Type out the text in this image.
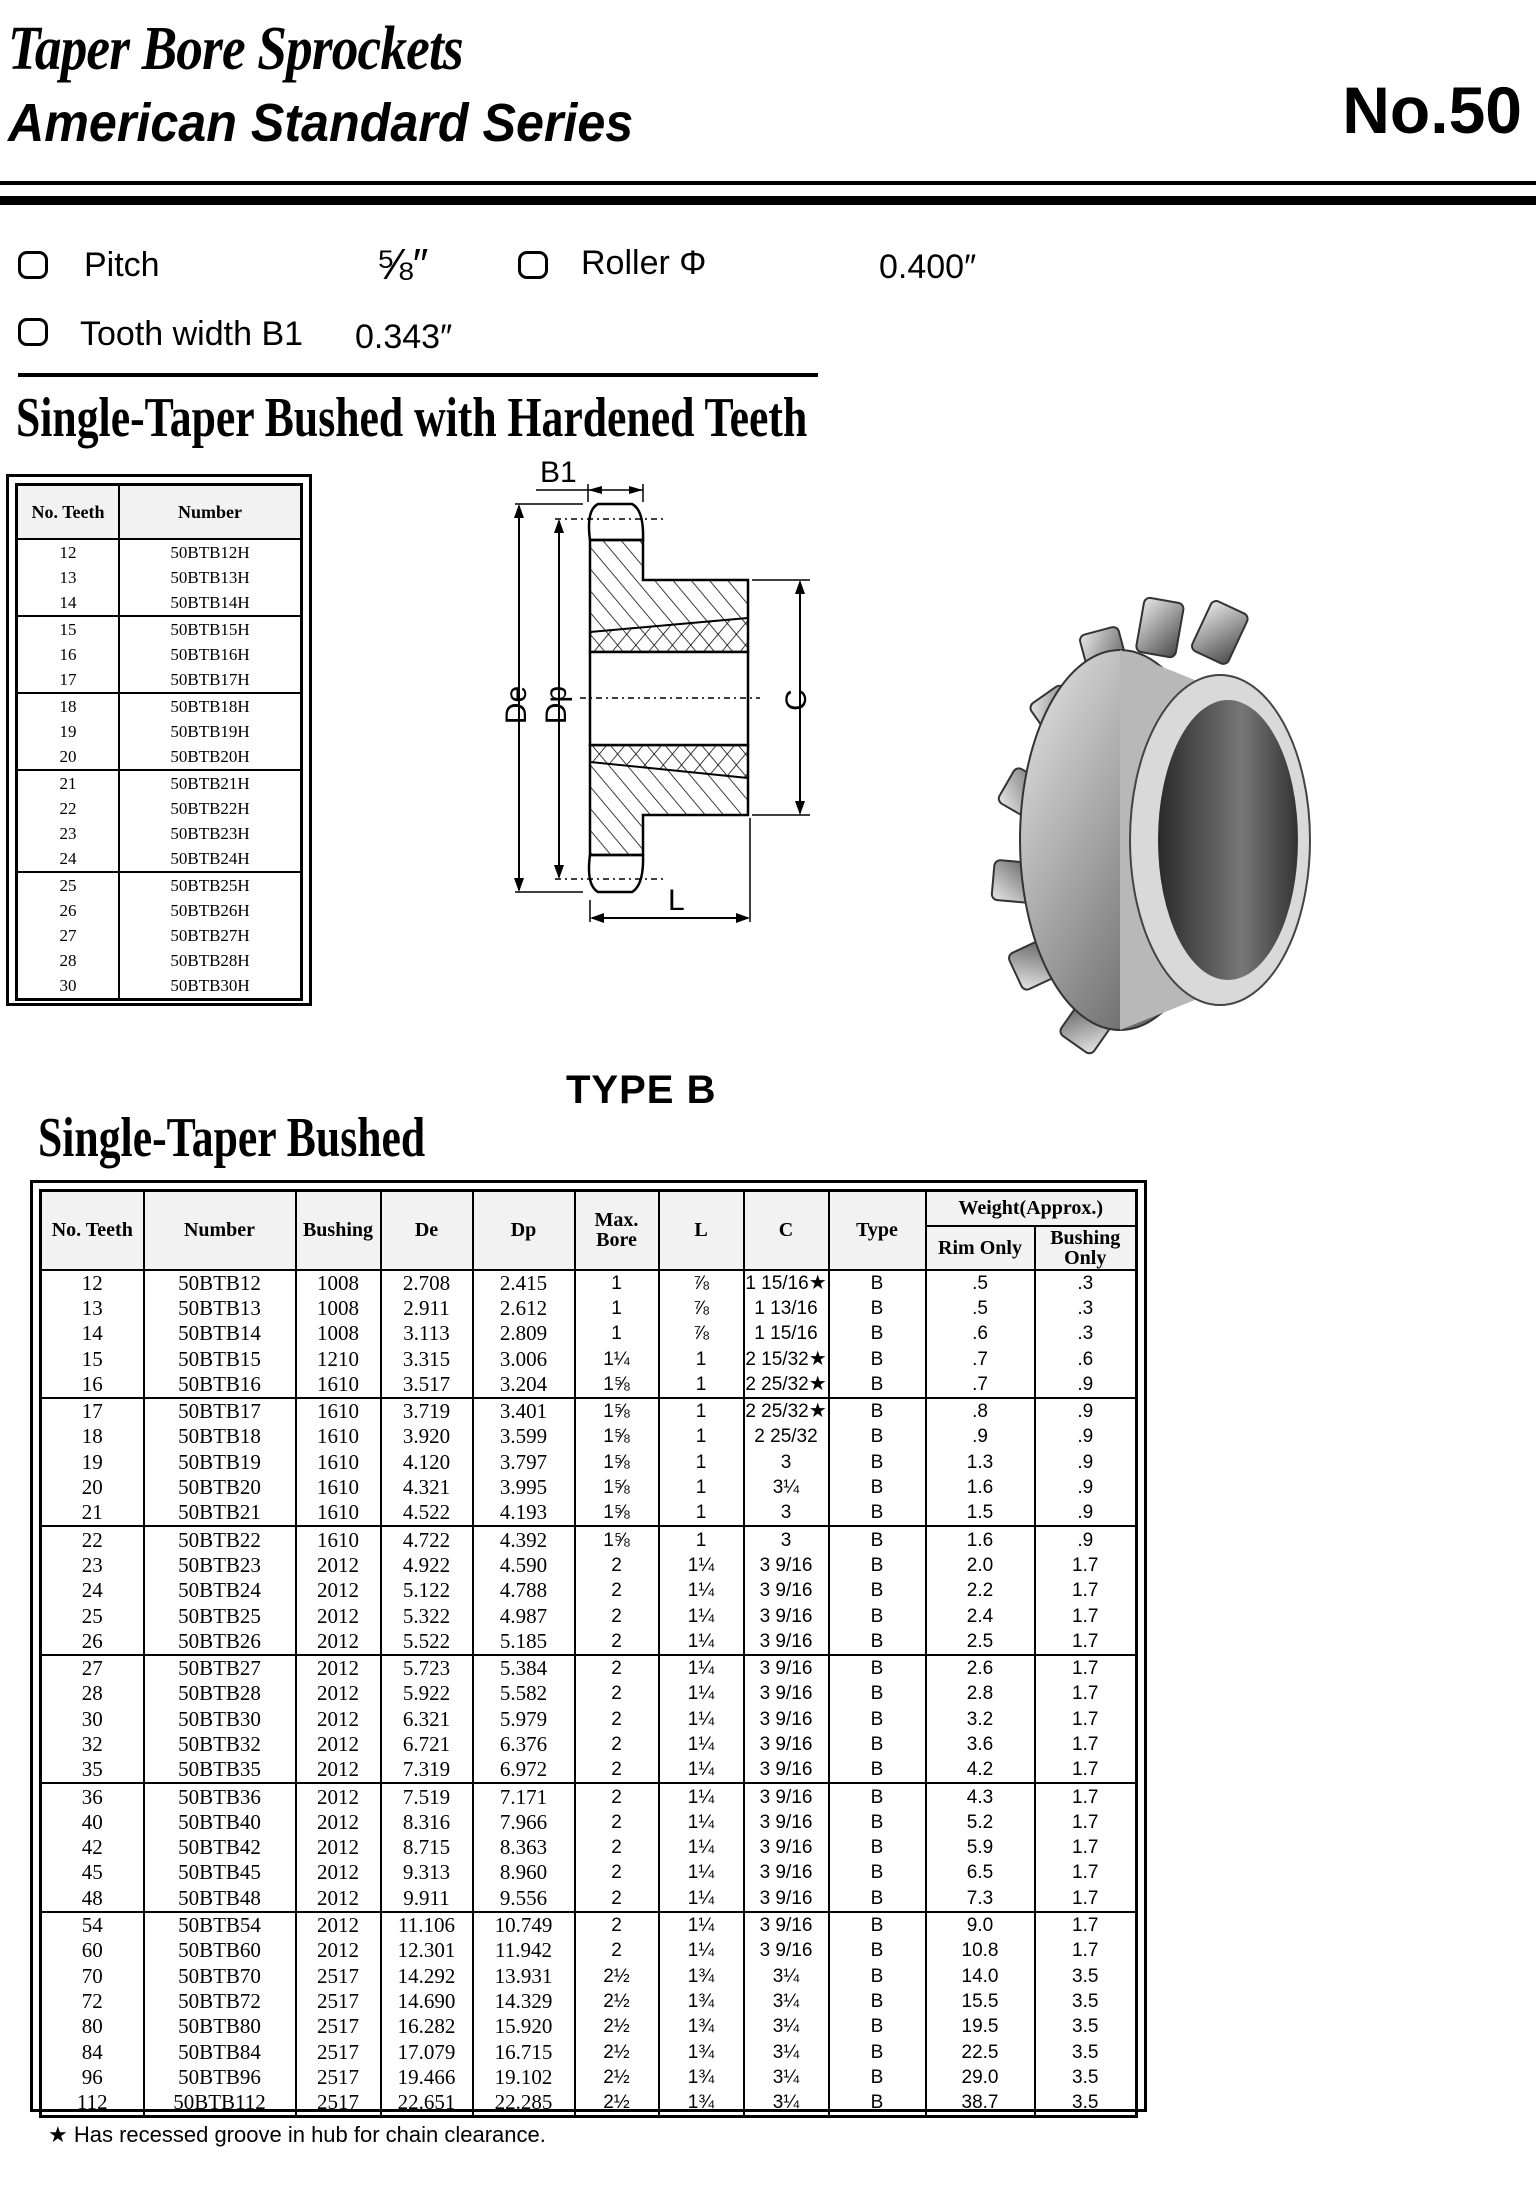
Taper Bore Sprockets
American Standard Series	No.50
Pitch	⅝″	Roller Φ	0.400″
Tooth width B1 0.343″
Single-Taper Bushed with Hardened Teeth
No. Teeth	Number
12	50BTB12H
13	50BTB13H
14	50BTB14H
15	50BTB15H
16	50BTB16H
17	50BTB17H
18	50BTB18H
19	50BTB19H
20	50BTB20H
21	50BTB21H
22	50BTB22H
23	50BTB23H
24	50BTB24H
25	50BTB25H
26	50BTB26H
27	50BTB27H
28	50BTB28H
30	50BTB30H
B1
De Dp	C
L
TYPE B
Single-Taper Bushed
No. Teeth	Number	Bushing	De	Dp	Max. Bore	L	C	Type	Weight(Approx.)	
									Rim Only	Bushing Only
12	50BTB12	1008	2.708	2.415	1	⅞	1 15/16★	B	.5	.3
13	50BTB13	1008	2.911	2.612	1	⅞	1 13/16	B	.5	.3
14	50BTB14	1008	3.113	2.809	1	⅞	1 15/16	B	.6	.3
15	50BTB15	1210	3.315	3.006	1¼	1	2 15/32★	B	.7	.6
16	50BTB16	1610	3.517	3.204	1⅝	1	2 25/32★	B	.7	.9
17	50BTB17	1610	3.719	3.401	1⅝	1	2 25/32★	B	.8	.9
18	50BTB18	1610	3.920	3.599	1⅝	1	2 25/32	B	.9	.9
19	50BTB19	1610	4.120	3.797	1⅝	1	3	B	1.3	.9
20	50BTB20	1610	4.321	3.995	1⅝	1	3¼	B	1.6	.9
21	50BTB21	1610	4.522	4.193	1⅝	1	3	B	1.5	.9
22	50BTB22	1610	4.722	4.392	1⅝	1	3	B	1.6	.9
23	50BTB23	2012	4.922	4.590	2	1¼	3 9/16	B	2.0	1.7
24	50BTB24	2012	5.122	4.788	2	1¼	3 9/16	B	2.2	1.7
25	50BTB25	2012	5.322	4.987	2	1¼	3 9/16	B	2.4	1.7
26	50BTB26	2012	5.522	5.185	2	1¼	3 9/16	B	2.5	1.7
27	50BTB27	2012	5.723	5.384	2	1¼	3 9/16	B	2.6	1.7
28	50BTB28	2012	5.922	5.582	2	1¼	3 9/16	B	2.8	1.7
30	50BTB30	2012	6.321	5.979	2	1¼	3 9/16	B	3.2	1.7
32	50BTB32	2012	6.721	6.376	2	1¼	3 9/16	B	3.6	1.7
35	50BTB35	2012	7.319	6.972	2	1¼	3 9/16	B	4.2	1.7
36	50BTB36	2012	7.519	7.171	2	1¼	3 9/16	B	4.3	1.7
40	50BTB40	2012	8.316	7.966	2	1¼	3 9/16	B	5.2	1.7
42	50BTB42	2012	8.715	8.363	2	1¼	3 9/16	B	5.9	1.7
45	50BTB45	2012	9.313	8.960	2	1¼	3 9/16	B	6.5	1.7
48	50BTB48	2012	9.911	9.556	2	1¼	3 9/16	B	7.3	1.7
54	50BTB54	2012	11.106	10.749	2	1¼	3 9/16	B	9.0	1.7
60	50BTB60	2012	12.301	11.942	2	1¼	3 9/16	B	10.8	1.7
70	50BTB70	2517	14.292	13.931	2½	1¾	3¼	B	14.0	3.5
72	50BTB72	2517	14.690	14.329	2½	1¾	3¼	B	15.5	3.5
80	50BTB80	2517	16.282	15.920	2½	1¾	3¼	B	19.5	3.5
84	50BTB84	2517	17.079	16.715	2½	1¾	3¼	B	22.5	3.5
96	50BTB96	2517	19.466	19.102	2½	1¾	3¼	B	29.0	3.5
112	50BTB112	2517	22.651	22.285	2½	1¾	3¼	B	38.7	3.5
★ Has recessed groove in hub for chain clearance.
